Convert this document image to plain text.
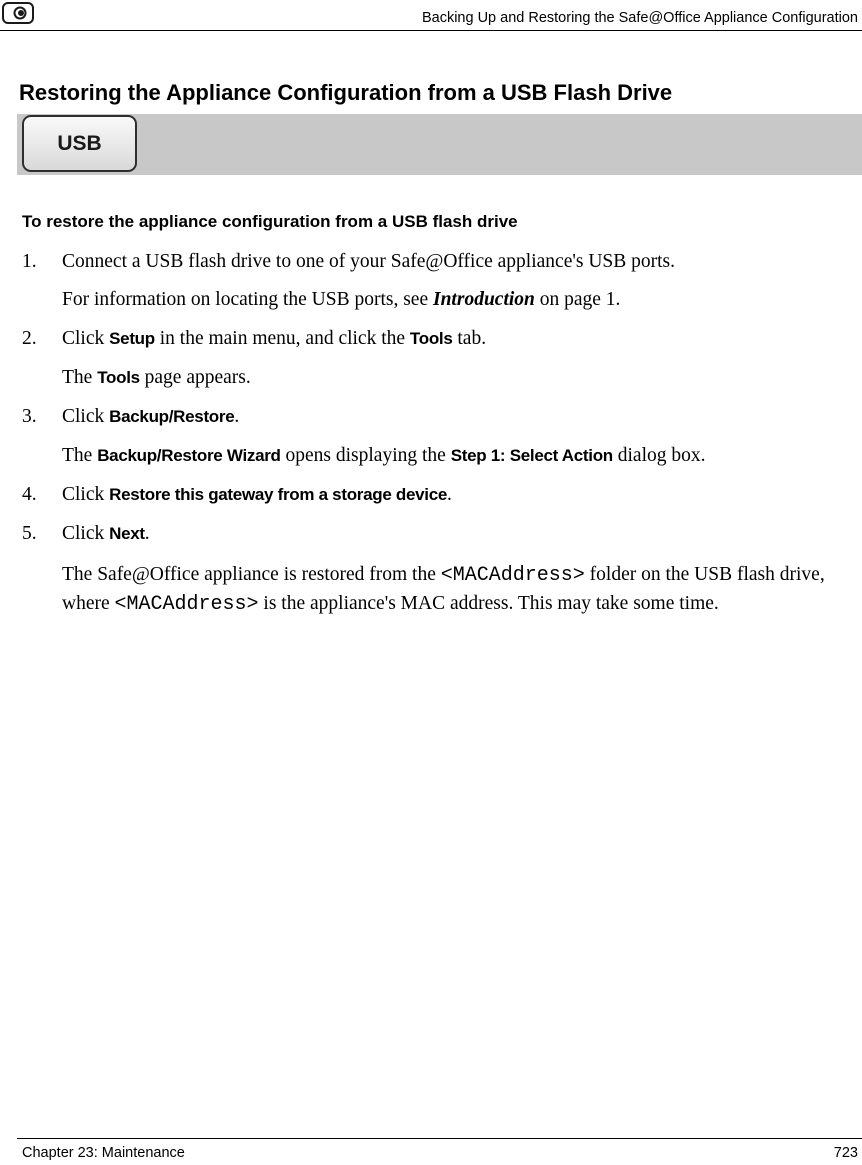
Backing Up and Restoring the Safe@Office Appliance Configuration
Restoring the Appliance Configuration from a USB Flash Drive
USB
To restore the appliance configuration from a USB flash drive
1. Connect a USB flash drive to one of your Safe@Office appliance's USB ports.
For information on locating the USB ports, see Introduction on page 1.
2. Click Setup in the main menu, and click the Tools tab.
The Tools page appears.
3. Click Backup/Restore.
The Backup/Restore Wizard opens displaying the Step 1: Select Action dialog box.
4. Click Restore this gateway from a storage device.
5. Click Next.
The Safe@Office appliance is restored from the <MACAddress> folder on the USB flash drive, where <MACAddress> is the appliance's MAC address. This may take some time.
Chapter 23: Maintenance	723
